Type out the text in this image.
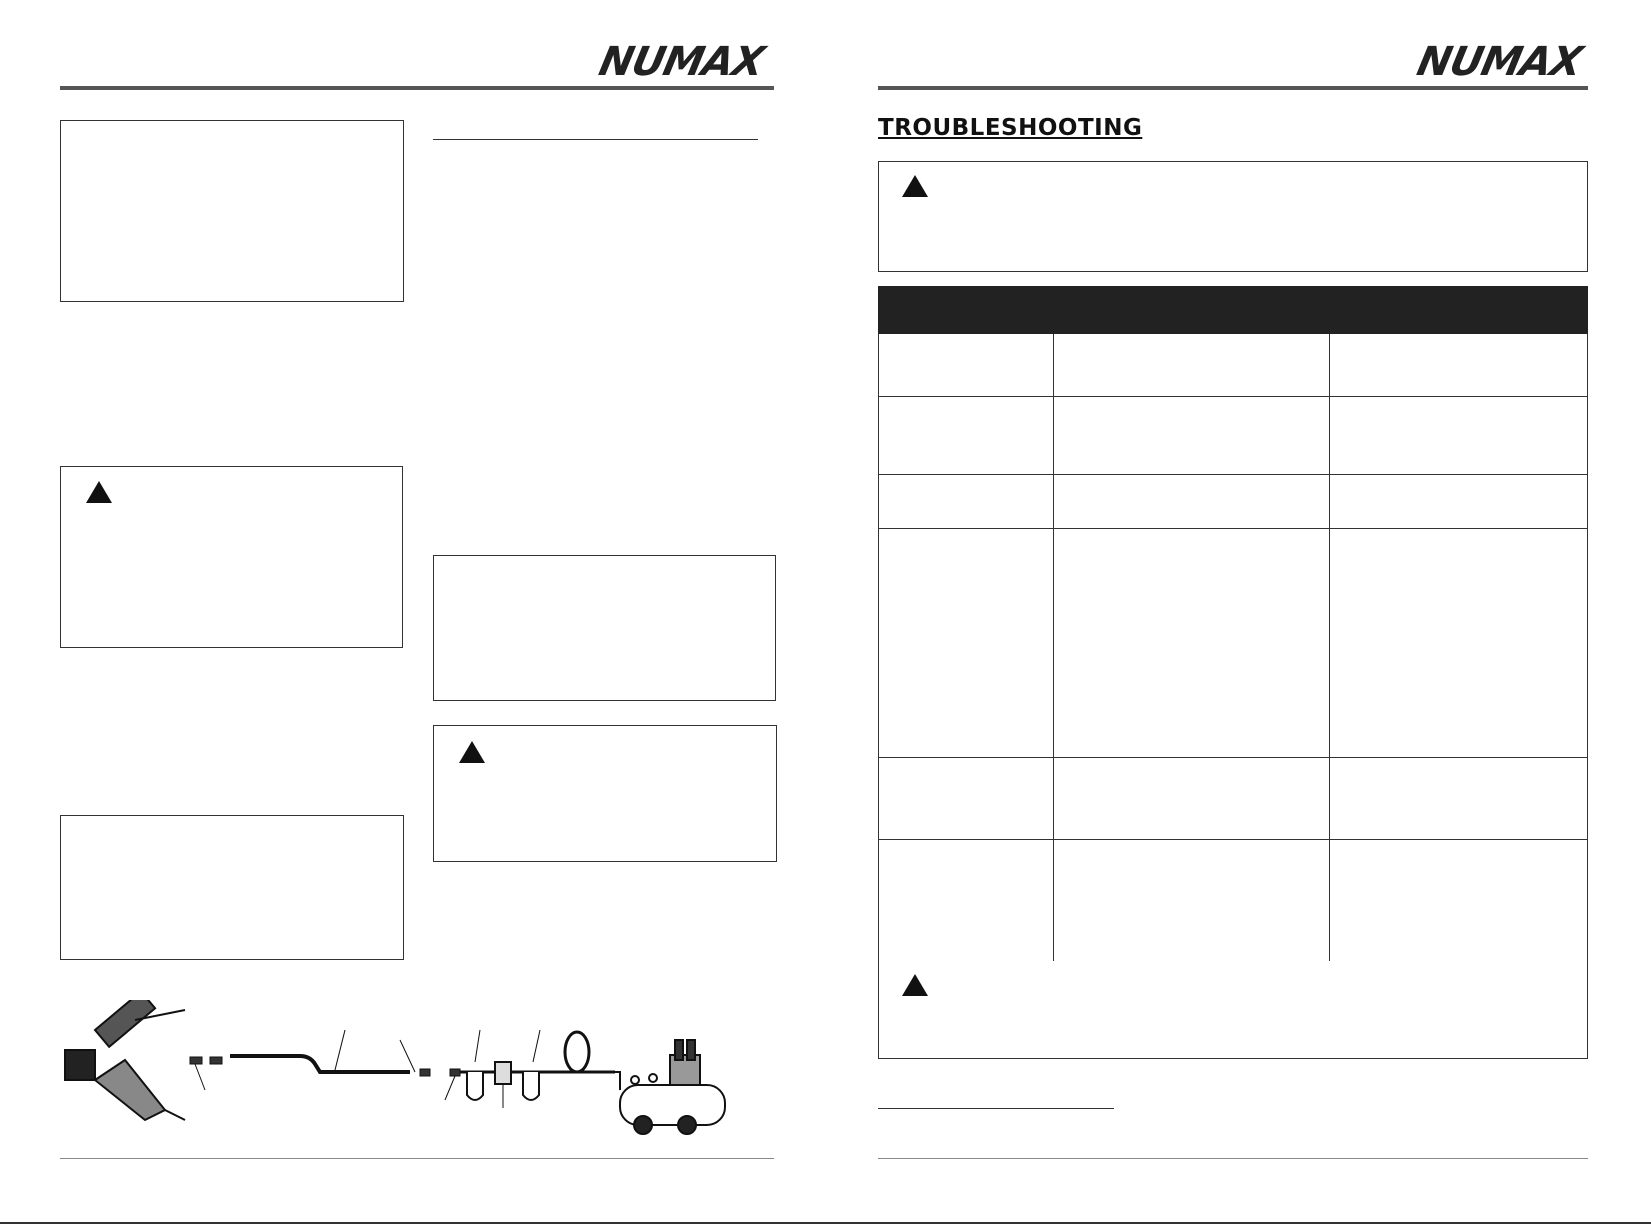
NUMAX	NUMAX
TROUBLESHOOTING
